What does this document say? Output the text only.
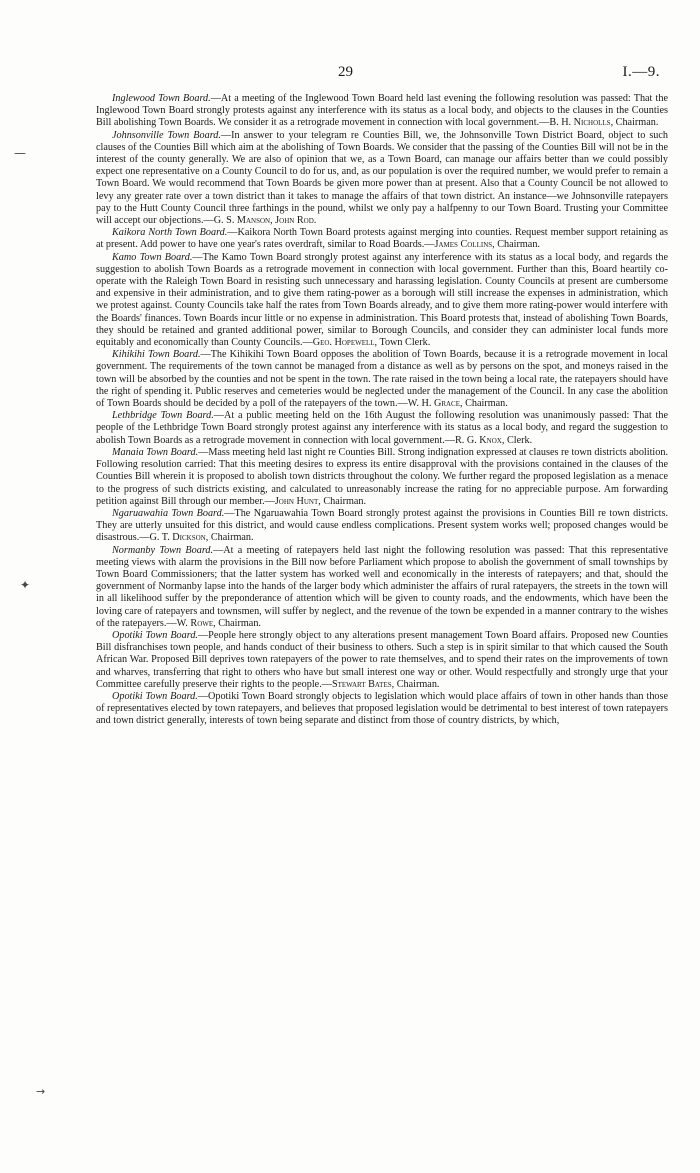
29	I.—9.
—
✦
→

Inglewood Town Board.—At a meeting of the Inglewood Town Board held last evening the following resolution was passed: That the Inglewood Town Board strongly protests against any interference with its status as a local body, and objects to the clauses in the Counties Bill abolishing Town Boards. We consider it as a retrograde movement in connection with local government.—B. H. Nicholls, Chairman.

Johnsonville Town Board.—In answer to your telegram re Counties Bill, we, the Johnsonville Town District Board, object to such clauses of the Counties Bill which aim at the abolishing of Town Boards. We consider that the passing of the Counties Bill will not be in the interest of the county generally. We are also of opinion that we, as a Town Board, can manage our affairs better than we could possibly expect one representative on a County Council to do for us, and, as our population is over the required number, we would prefer to remain a Town Board. We would recommend that Town Boards be given more power than at present. Also that a County Council be not allowed to levy any greater rate over a town district than it takes to manage the affairs of that town district. An instance—we Johnsonville ratepayers pay to the Hutt County Council three farthings in the pound, whilst we only pay a halfpenny to our Town Board. Trusting your Committee will accept our objections.—G. S. Manson, John Rod.

Kaikora North Town Board.—Kaikora North Town Board protests against merging into counties. Request member support retaining as at present. Add power to have one year's rates overdraft, similar to Road Boards.—James Collins, Chairman.

Kamo Town Board.—The Kamo Town Board strongly protest against any interference with its status as a local body, and regards the suggestion to abolish Town Boards as a retrograde movement in connection with local government. Further than this, Board heartily co-operate with the Raleigh Town Board in resisting such unnecessary and harassing legislation. County Councils at present are cumbersome and expensive in their administration, and to give them rating-power as a borough will still increase the expenses in administration, which we protest against. County Councils take half the rates from Town Boards already, and to give them more rating-power would interfere with the Boards' finances. Town Boards incur little or no expense in administration. This Board protests that, instead of abolishing Town Boards, they should be retained and granted additional power, similar to Borough Councils, and consider they can administer local funds more equitably and economically than County Councils.—Geo. Hopewell, Town Clerk.

Kihikihi Town Board.—The Kihikihi Town Board opposes the abolition of Town Boards, because it is a retrograde movement in local government. The requirements of the town cannot be managed from a distance as well as by persons on the spot, and moneys raised in the town will be absorbed by the counties and not be spent in the town. The rate raised in the town being a local rate, the ratepayers should have the right of spending it. Public reserves and cemeteries would be neglected under the management of the Council. In any case the abolition of Town Boards should be decided by a poll of the ratepayers of the town.—W. H. Grace, Chairman.

Lethbridge Town Board.—At a public meeting held on the 16th August the following resolution was unanimously passed: That the people of the Lethbridge Town Board strongly protest against any interference with its status as a local body, and regard the suggestion to abolish Town Boards as a retrograde movement in connection with local government.—R. G. Knox, Clerk.

Manaia Town Board.—Mass meeting held last night re Counties Bill. Strong indignation expressed at clauses re town districts abolition. Following resolution carried: That this meeting desires to express its entire disapproval with the provisions contained in the clauses of the Counties Bill wherein it is proposed to abolish town districts throughout the colony. We further regard the proposed legislation as a menace to the progress of such districts existing, and calculated to unreasonably increase the rating for no appreciable purpose. Am forwarding petition against Bill through our member.—John Hunt, Chairman.

Ngaruawahia Town Board.—The Ngaruawahia Town Board strongly protest against the provisions in Counties Bill re town districts. They are utterly unsuited for this district, and would cause endless complications. Present system works well; proposed changes would be disastrous.—G. T. Dickson, Chairman.

Normanby Town Board.—At a meeting of ratepayers held last night the following resolution was passed: That this representative meeting views with alarm the provisions in the Bill now before Parliament which propose to abolish the government of small townships by Town Board Commissioners; that the latter system has worked well and economically in the interests of ratepayers; and that, should the government of Normanby lapse into the hands of the larger body which administer the affairs of rural ratepayers, the streets in the town will in all likelihood suffer by the preponderance of attention which will be given to county roads, and the endowments, which have been the loving care of ratepayers and townsmen, will suffer by neglect, and the revenue of the town be expended in a manner contrary to the wishes of the ratepayers.—W. Rowe, Chairman.

Opotiki Town Board.—People here strongly object to any alterations present management Town Board affairs. Proposed new Counties Bill disfranchises town people, and hands conduct of their business to others. Such a step is in spirit similar to that which caused the South African War. Proposed Bill deprives town ratepayers of the power to rate themselves, and to spend their rates on the improvements of town and wharves, transferring that right to others who have but small interest one way or other. Would respectfully and strongly urge that your Committee carefully preserve their rights to the people.—Stewart Bates, Chairman.

Opotiki Town Board.—Opotiki Town Board strongly objects to legislation which would place affairs of town in other hands than those of representatives elected by town ratepayers, and believes that proposed legislation would be detrimental to best interest of town ratepayers and town district generally, interests of town being separate and distinct from those of country districts, by which,
